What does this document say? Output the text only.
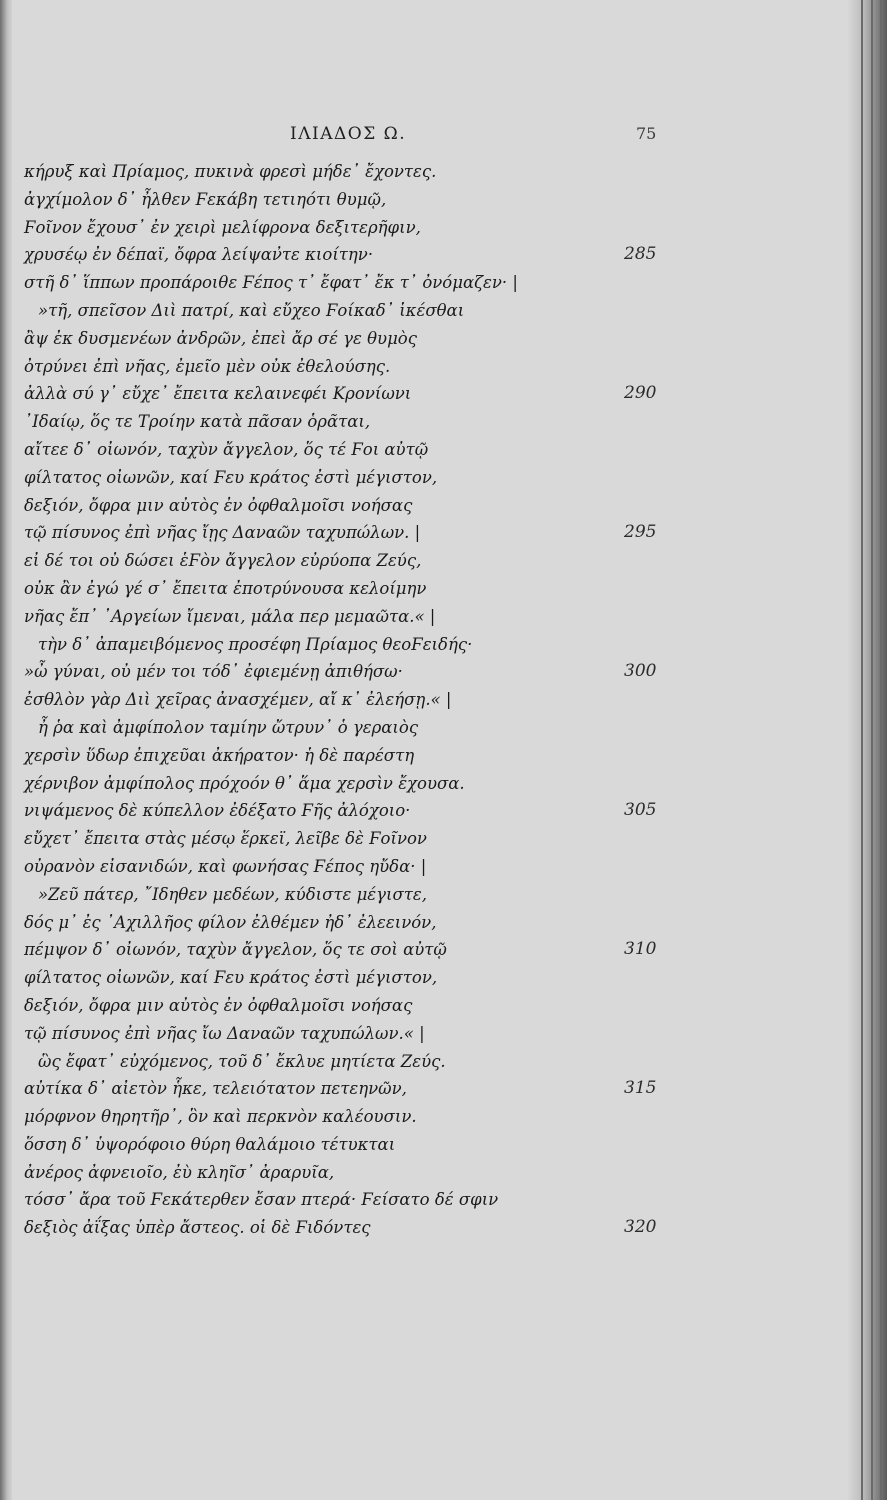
ΙΛΙΑΔΟΣ Ω.	75
κήρυξ καὶ Πρίαμος, πυκινὰ φρεσὶ μήδε᾽ ἔχοντες.
ἀγχίμολον δ᾽ ἦλθεν Ϝεκάβη τετιηότι θυμῷ,
Ϝοῖνον ἔχουσ᾽ ἐν χειρὶ μελίφρονα δεξιτερῆφιν,
χρυσέῳ ἐν δέπαϊ, ὄφρα λείψαν̓τε κιοίτην·	285
στῆ δ᾽ ἵππων προπάροιθε Ϝέπος τ᾽ ἔφατ᾽ ἔκ τ᾽ ὀνόμαζεν· |
»τῆ, σπεῖσον Διὶ πατρί, καὶ εὔχεο Ϝοίκαδ᾽ ἱκέσθαι
ἂψ ἐκ δυσμενέων ἀνδρῶν, ἐπεὶ ἄρ σέ γε θυμὸς
ὀτρύνει ἐπὶ νῆας, ἐμεῖο μὲν οὐκ ἐθελούσης.
ἀλλὰ σύ γ᾽ εὔχε᾽ ἔπειτα κελαινεφέι Κρονίωνι	290
᾽Ιδαίῳ, ὅς τε Τροίην κατὰ πᾶσαν ὁρᾶται,
αἴτεε δ᾽ οἰωνόν, ταχὺν ἄγγελον, ὅς τέ Ϝοι αὐτῷ
φίλτατος οἰωνῶν, καί Ϝευ κράτος ἐστὶ μέγιστον,
δεξιόν, ὄφρα μιν αὐτὸς ἐν ὀφθαλμοῖσι νοήσας
τῷ πίσυνος ἐπὶ νῆας ἴῃς Δαναῶν ταχυπώλων. |	295
εἰ δέ τοι οὐ δώσει ἑϜὸν ἄγγελον εὐρύοπα Ζεύς,
οὐκ ἂν ἐγώ γέ σ᾽ ἔπειτα ἐποτρύνουσα κελοίμην
νῆας ἔπ᾽ ᾽Αργείων ἴμεναι, μάλα περ μεμαῶτα.« |
τὴν δ᾽ ἀπαμειβόμενος προσέφη Πρίαμος θεοϜειδής·
»ὦ γύναι, οὐ μέν τοι τόδ᾽ ἐφιεμένῃ ἀπιθήσω·	300
ἐσθλὸν γὰρ Διὶ χεῖρας ἀνασχέμεν, αἴ κ᾽ ἐλεήσῃ.« |
ἦ ῥα καὶ ἀμφίπολον ταμίην ὤτρυν᾽ ὁ γεραιὸς
χερσὶν ὕδωρ ἐπιχεῦαι ἀκήρατον· ἡ δὲ παρέστη
χέρνιβον ἀμφίπολος πρόχοόν θ᾽ ἅμα χερσὶν ἔχουσα.
νιψάμενος δὲ κύπελλον ἐδέξατο Ϝῆς ἀλόχοιο·	305
εὔχετ᾽ ἔπειτα στὰς μέσῳ ἕρκεϊ, λεῖβε δὲ Ϝοῖνον
οὐρανὸν εἰσανιδών, καὶ φωνήσας Ϝέπος ηὔδα· |
»Ζεῦ πάτερ, ῎Ιδηθεν μεδέων, κύδιστε μέγιστε,
δός μ᾽ ἐς ᾽Αχιλλῆος φίλον ἐλθέμεν ἠδ᾽ ἐλεεινόν,
πέμψον δ᾽ οἰωνόν, ταχὺν ἄγγελον, ὅς τε σοὶ αὐτῷ	310
φίλτατος οἰωνῶν, καί Ϝευ κράτος ἐστὶ μέγιστον,
δεξιόν, ὄφρα μιν αὐτὸς ἐν ὀφθαλμοῖσι νοήσας
τῷ πίσυνος ἐπὶ νῆας ἴω Δαναῶν ταχυπώλων.« |
ὣς ἔφατ᾽ εὐχόμενος, τοῦ δ᾽ ἔκλυε μητίετα Ζεύς.
αὐτίκα δ᾽ αἰετὸν ἧκε, τελειότατον πετεηνῶν,	315
μόρφνον θηρητῆρ᾽, ὃν καὶ περκνὸν καλέουσιν.
ὅσση δ᾽ ὑψορόφοιο θύρη θαλάμοιο τέτυκται
ἀνέρος ἀφνειοῖο, ἐὺ κληῖσ᾽ ἀραρυῖα,
τόσσ᾽ ἄρα τοῦ Ϝεκάτερθεν ἔσαν πτερά· Ϝείσατο δέ σφιν
δεξιὸς ἀΐξας ὑπὲρ ἄστεος. οἱ δὲ Ϝιδόντες	320
